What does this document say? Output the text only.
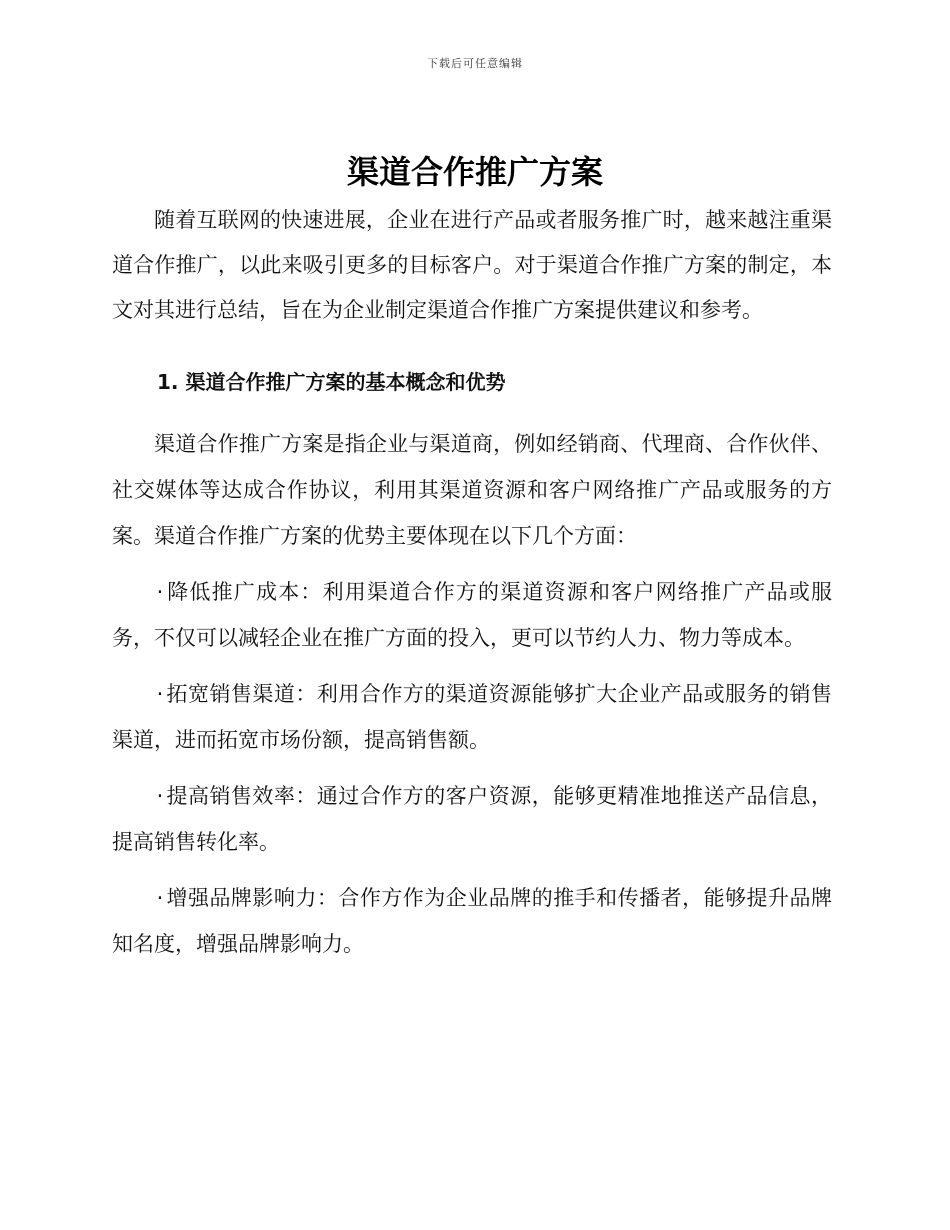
下载后可任意编辑
渠道合作推广方案

随着互联网的快速进展，企业在进行产品或者服务推广时，越来越注重渠道合作推广，以此来吸引更多的目标客户。对于渠道合作推广方案的制定，本文对其进行总结，旨在为企业制定渠道合作推广方案提供建议和参考。

1. 渠道合作推广方案的基本概念和优势

渠道合作推广方案是指企业与渠道商，例如经销商、代理商、合作伙伴、社交媒体等达成合作协议，利用其渠道资源和客户网络推广产品或服务的方案。渠道合作推广方案的优势主要体现在以下几个方面：

· 降低推广成本：利用渠道合作方的渠道资源和客户网络推广产品或服务，不仅可以减轻企业在推广方面的投入，更可以节约人力、物力等成本。

· 拓宽销售渠道：利用合作方的渠道资源能够扩大企业产品或服务的销售渠道，进而拓宽市场份额，提高销售额。

· 提高销售效率：通过合作方的客户资源，能够更精准地推送产品信息，提高销售转化率。

· 增强品牌影响力：合作方作为企业品牌的推手和传播者，能够提升品牌知名度，增强品牌影响力。
